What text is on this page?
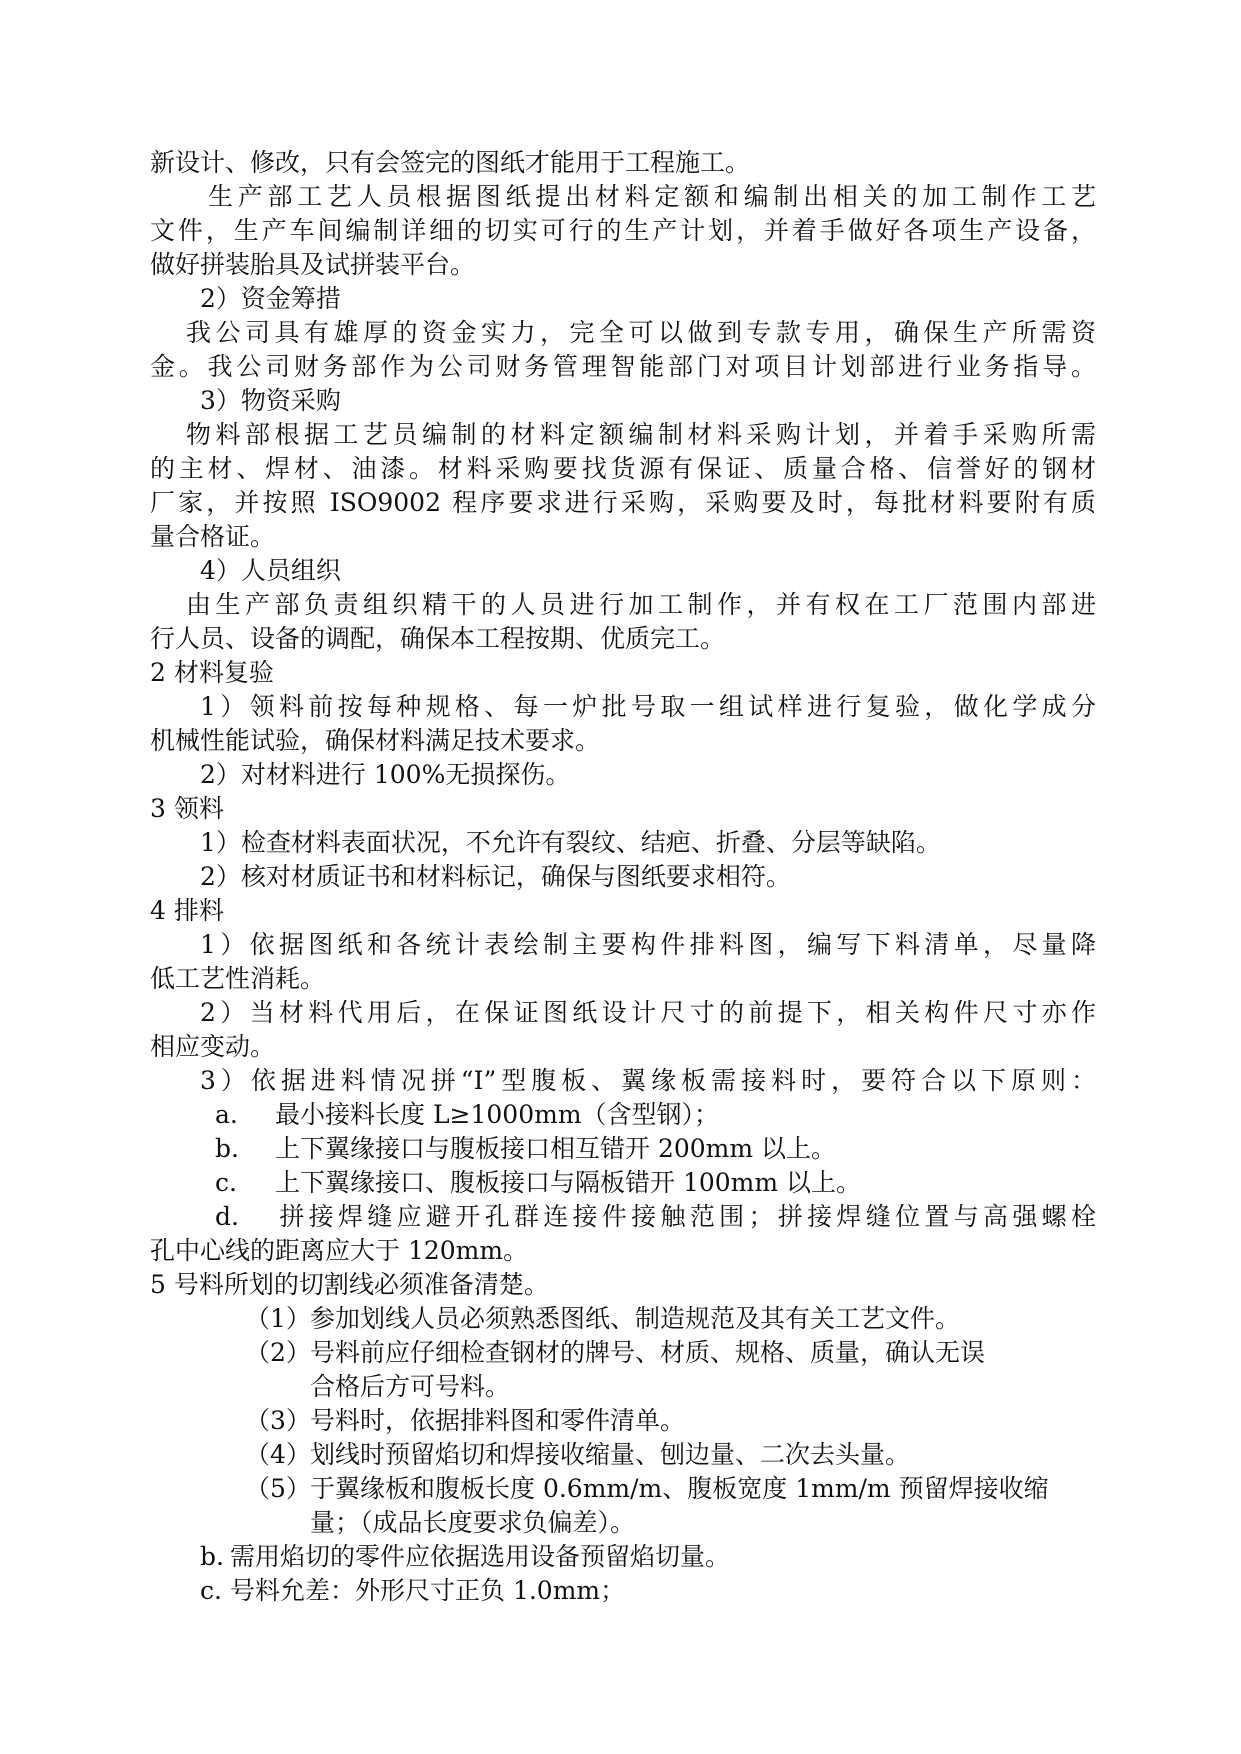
新设计、修改，只有会签完的图纸才能用于工程施工。
生产部工艺人员根据图纸提出材料定额和编制出相关的加工制作工艺
文件，生产车间编制详细的切实可行的生产计划，并着手做好各项生产设备，
做好拼装胎具及试拼装平台。
2）资金筹措
我公司具有雄厚的资金实力，完全可以做到专款专用，确保生产所需资
金。我公司财务部作为公司财务管理智能部门对项目计划部进行业务指导。
3）物资采购
物料部根据工艺员编制的材料定额编制材料采购计划，并着手采购所需
的主材、焊材、油漆。材料采购要找货源有保证、质量合格、信誉好的钢材
厂家，并按照 ISO9002 程序要求进行采购，采购要及时，每批材料要附有质
量合格证。
4）人员组织
由生产部负责组织精干的人员进行加工制作，并有权在工厂范围内部进
行人员、设备的调配，确保本工程按期、优质完工。
2 材料复验
1）领料前按每种规格、每一炉批号取一组试样进行复验，做化学成分
机械性能试验，确保材料满足技术要求。
2）对材料进行 100%无损探伤。
3 领料
1）检查材料表面状况，不允许有裂纹、结疤、折叠、分层等缺陷。
2）核对材质证书和材料标记，确保与图纸要求相符。
4 排料
1）依据图纸和各统计表绘制主要构件排料图，编写下料清单，尽量降
低工艺性消耗。
2）当材料代用后，在保证图纸设计尺寸的前提下，相关构件尺寸亦作
相应变动。
3）依据进料情况拼“I”型腹板、翼缘板需接料时，要符合以下原则：
a. 最小接料长度 L≥1000mm（含型钢）；
b. 上下翼缘接口与腹板接口相互错开 200mm 以上。
c. 上下翼缘接口、腹板接口与隔板错开 100mm 以上。
d. 拼接焊缝应避开孔群连接件接触范围；拼接焊缝位置与高强螺栓
孔中心线的距离应大于 120mm。
5 号料所划的切割线必须准备清楚。
（1）参加划线人员必须熟悉图纸、制造规范及其有关工艺文件。
（2）号料前应仔细检查钢材的牌号、材质、规格、质量，确认无误
合格后方可号料。
（3）号料时，依据排料图和零件清单。
（4）划线时预留焰切和焊接收缩量、刨边量、二次去头量。
（5）于翼缘板和腹板长度 0.6mm/m、腹板宽度 1mm/m 预留焊接收缩
量；（成品长度要求负偏差）。
b. 需用焰切的零件应依据选用设备预留焰切量。
c. 号料允差：外形尺寸正负 1.0mm；
